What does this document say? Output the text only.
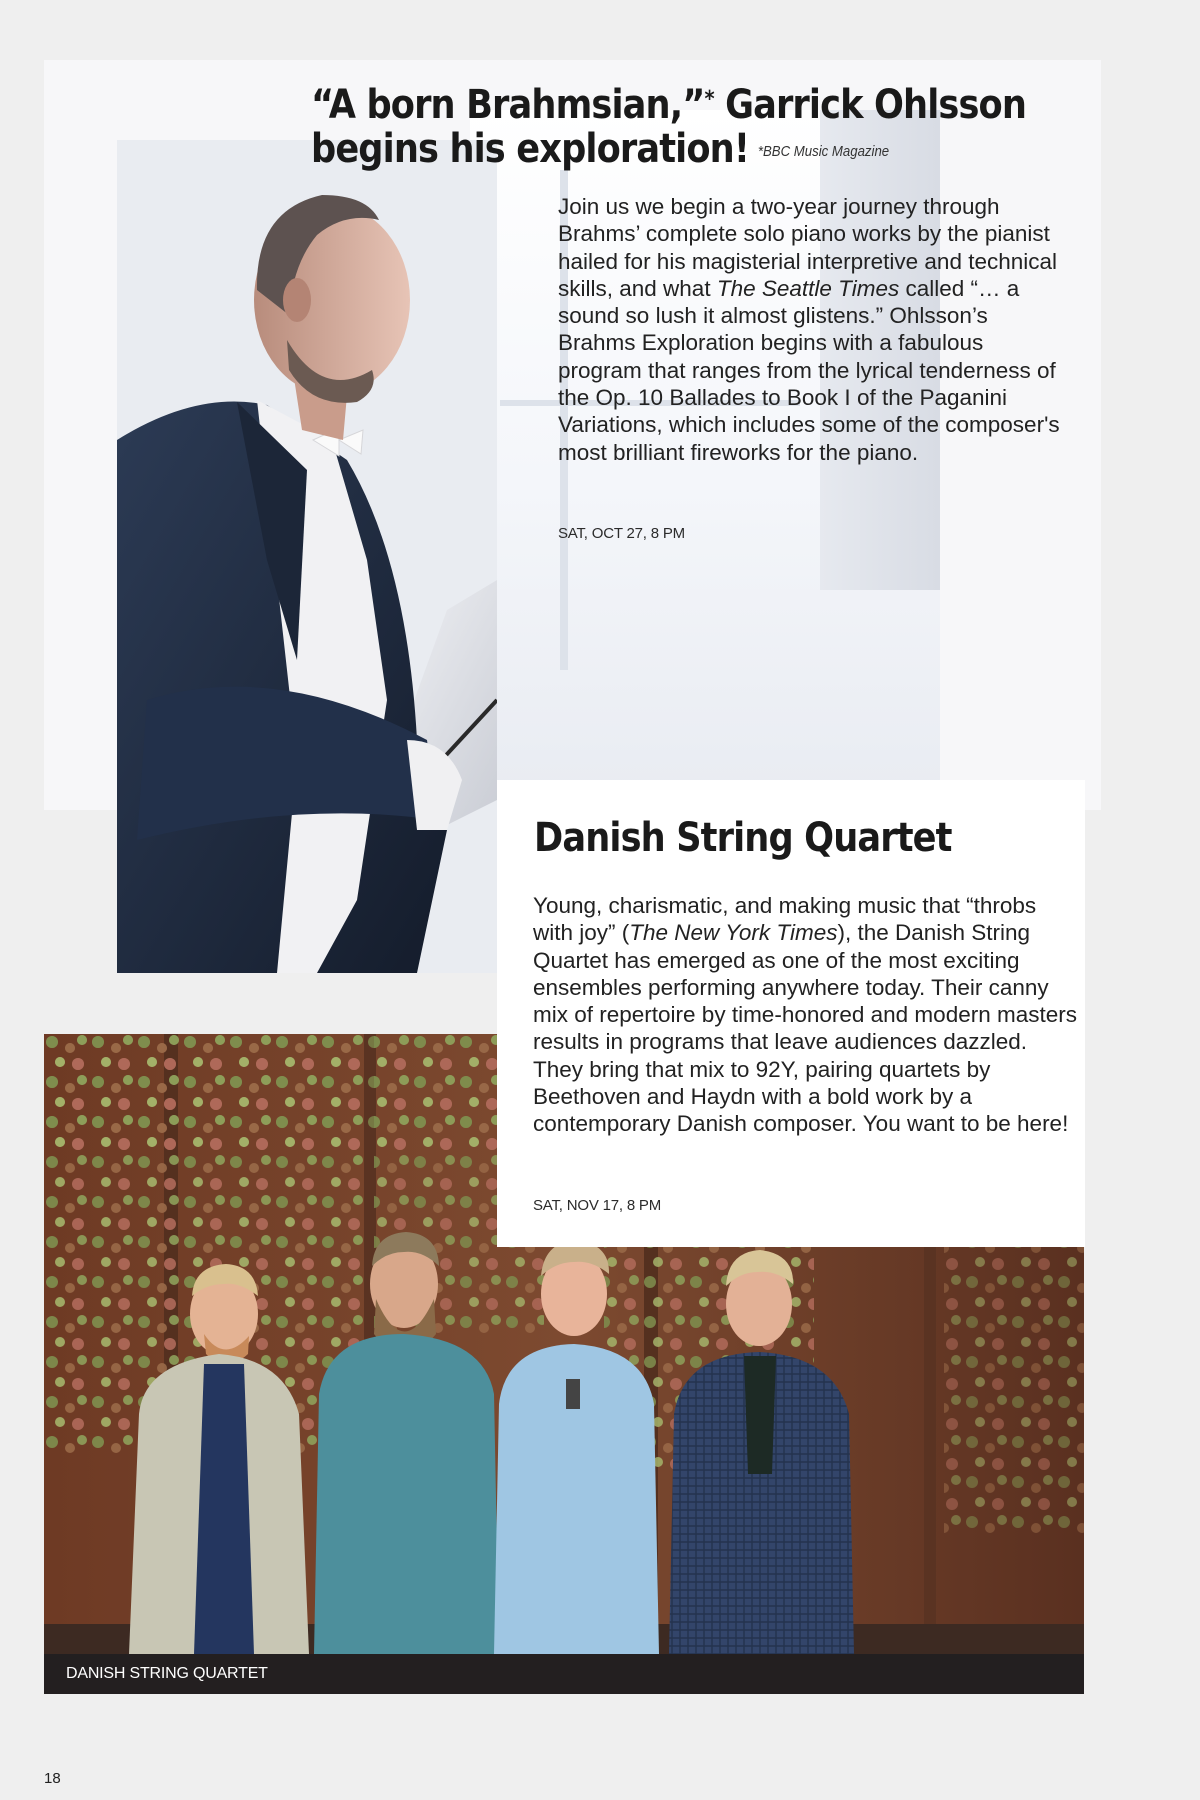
“A born Brahmsian,”* Garrick Ohlsson
begins his exploration! *BBC Music Magazine

Join us we begin a two-year journey through Brahms’ complete solo piano works by the pianist hailed for his magisterial interpretive and technical skills, and what The Seattle Times called “… a sound so lush it almost glistens.” Ohlsson’s Brahms Exploration begins with a fabulous program that ranges from the lyrical tenderness of the Op. 10 Ballades to Book I of the Paganini Variations, which includes some of the composer's most brilliant fireworks for the piano.

SAT, OCT 27, 8 PM
DANISH STRING QUARTET
Danish String Quartet

Young, charismatic, and making music that “throbs with joy” (The New York Times), the Danish String Quartet has emerged as one of the most exciting ensembles performing anywhere today. Their canny mix of repertoire by time-honored and modern masters results in programs that leave audiences dazzled. They bring that mix to 92Y, pairing quartets by Beethoven and Haydn with a bold work by a contemporary Danish composer. You want to be here!

SAT, NOV 17, 8 PM
18
